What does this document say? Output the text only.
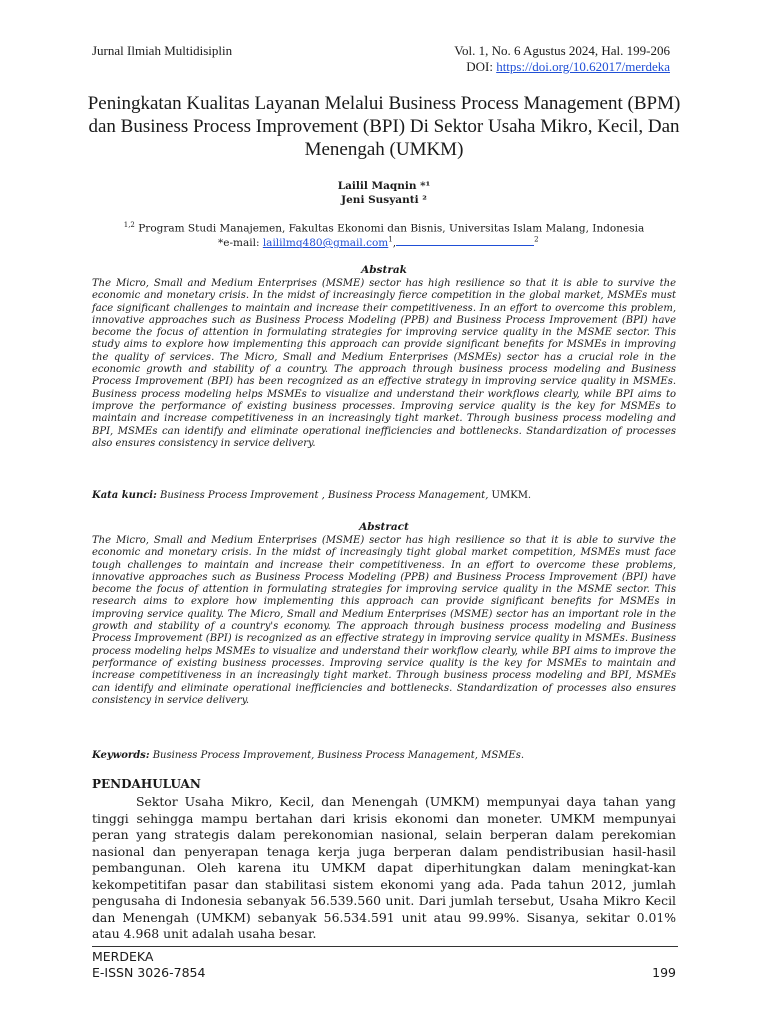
Jurnal Ilmiah Multidisiplin	Vol. 1, No. 6 Agustus 2024, Hal. 199-206
DOI: https://doi.org/10.62017/merdeka
Peningkatan Kualitas Layanan Melalui Business Process Management (BPM) dan Business Process Improvement (BPI) Di Sektor Usaha Mikro, Kecil, Dan Menengah (UMKM)
Lailil Maqnin *¹
Jeni Susyanti ²
$^{1,2}$ Program Studi Manajemen, Fakultas Ekonomi dan Bisnis, Universitas Islam Malang, Indonesia
*e-mail: laililmq480@gmail.com$^1$,	$^2$
Abstrak
The Micro, Small and Medium Enterprises (MSME) sector has high resilience so that it is able to survive the economic and monetary crisis. In the midst of increasingly fierce competition in the global market, MSMEs must face significant challenges to maintain and increase their competitiveness. In an effort to overcome this problem, innovative approaches such as Business Process Modeling (PPB) and Business Process Improvement (BPI) have become the focus of attention in formulating strategies for improving service quality in the MSME sector. This study aims to explore how implementing this approach can provide significant benefits for MSMEs in improving the quality of services. The Micro, Small and Medium Enterprises (MSMEs) sector has a crucial role in the economic growth and stability of a country. The approach through business process modeling and Business Process Improvement (BPI) has been recognized as an effective strategy in improving service quality in MSMEs. Business process modeling helps MSMEs to visualize and understand their workflows clearly, while BPI aims to improve the performance of existing business processes. Improving service quality is the key for MSMEs to maintain and increase competitiveness in an increasingly tight market. Through business process modeling and BPI, MSMEs can identify and eliminate operational inefficiencies and bottlenecks. Standardization of processes also ensures consistency in service delivery.
Kata kunci: Business Process Improvement , Business Process Management, UMKM.
Abstract
The Micro, Small and Medium Enterprises (MSME) sector has high resilience so that it is able to survive the economic and monetary crisis. In the midst of increasingly tight global market competition, MSMEs must face tough challenges to maintain and increase their competitiveness. In an effort to overcome these problems, innovative approaches such as Business Process Modeling (PPB) and Business Process Improvement (BPI) have become the focus of attention in formulating strategies for improving service quality in the MSME sector. This research aims to explore how implementing this approach can provide significant benefits for MSMEs in improving service quality. The Micro, Small and Medium Enterprises (MSME) sector has an important role in the growth and stability of a country's economy. The approach through business process modeling and Business Process Improvement (BPI) is recognized as an effective strategy in improving service quality in MSMEs. Business process modeling helps MSMEs to visualize and understand their workflow clearly, while BPI aims to improve the performance of existing business processes. Improving service quality is the key for MSMEs to maintain and increase competitiveness in an increasingly tight market. Through business process modeling and BPI, MSMEs can identify and eliminate operational inefficiencies and bottlenecks. Standardization of processes also ensures consistency in service delivery.
Keywords: Business Process Improvement, Business Process Management, MSMEs.
PENDAHULUAN
Sektor Usaha Mikro, Kecil, dan Menengah (UMKM) mempunyai daya tahan yang tinggi sehingga mampu bertahan dari krisis ekonomi dan moneter. UMKM mempunyai peran yang strategis dalam perekonomian nasional, selain berperan dalam perekomian nasional dan penyerapan tenaga kerja juga berperan dalam pendistribusian hasil-hasil pembangunan. Oleh karena itu UMKM dapat diperhitungkan dalam meningkat-kan kekompetitifan pasar dan stabilitasi sistem ekonomi yang ada. Pada tahun 2012, jumlah pengusaha di Indonesia sebanyak 56.539.560 unit. Dari jumlah tersebut, Usaha Mikro Kecil dan Menengah (UMKM) sebanyak 56.534.591 unit atau 99.99%. Sisanya, sekitar 0.01% atau 4.968 unit adalah usaha besar.
MERDEKA
E-ISSN 3026-7854	199
